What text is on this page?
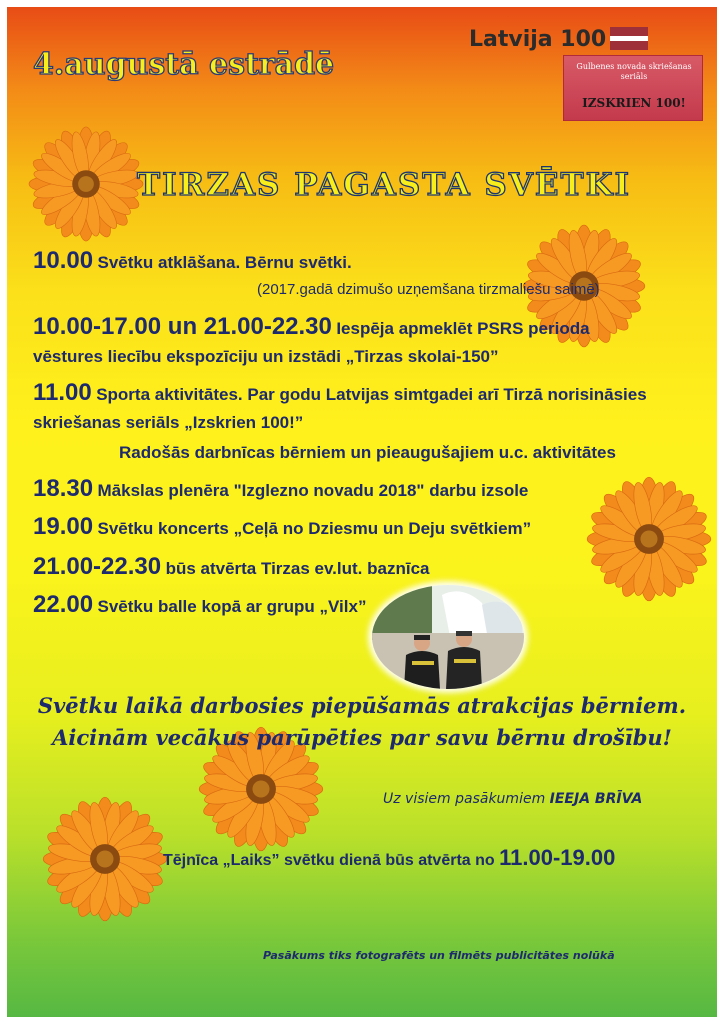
4.augustā estrādē
Latvija 100
Gulbenes novada skriešanas seriāls
IZSKRIEN 100!
TIRZAS PAGASTA SVĒTKI
10.00 Svētku atklāšana. Bērnu svētki.
(2017.gadā dzimušo uzņemšana tirzmaliešu saimē)
10.00-17.00 un 21.00-22.30 Iespēja apmeklēt PSRS perioda
vēstures liecību ekspozīciju un izstādi „Tirzas skolai-150”
11.00 Sporta aktivitātes. Par godu Latvijas simtgadei arī Tirzā norisināsies
skriešanas seriāls „Izskrien 100!”
Radošās darbnīcas bērniem un pieaugušajiem u.c. aktivitātes
18.30 Mākslas plenēra "Izglezno novadu 2018" darbu izsole
19.00 Svētku koncerts „Ceļā no Dziesmu un Deju svētkiem”
21.00-22.30 būs atvērta Tirzas ev.lut. baznīca
22.00 Svētku balle kopā ar grupu „Vilx”
Svētku laikā darbosies piepūšamās atrakcijas bērniem.
Aicinām vecākus parūpēties par savu bērnu drošību!
Uz visiem pasākumiem IEEJA BRĪVA
Tējnīca „Laiks” svētku dienā būs atvērta no 11.00-19.00
Pasākums tiks fotografēts un filmēts publicitātes nolūkā
